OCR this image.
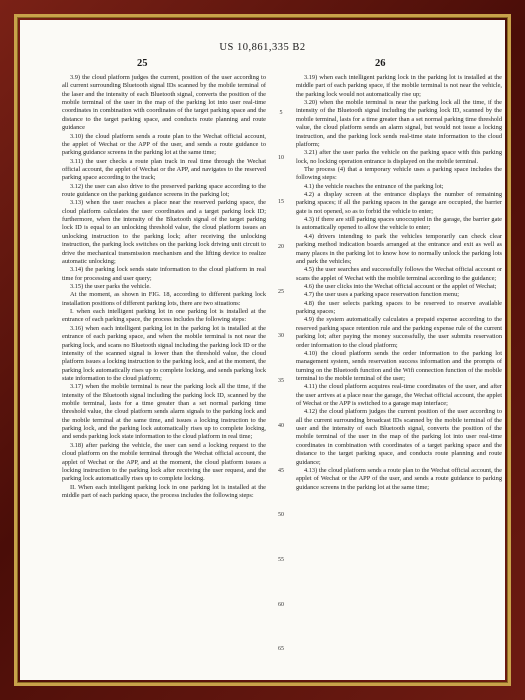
US 10,861,335 B2
25	26

3.9) the cloud platform judges the current, position of the user according to all current surrounding Bluetooth signal IDs scanned by the mobile terminal of the laser and the intensity of each Bluetooth signal, converts the position of the mobile terminal of the user in the map of the parking lot into user real-time coordinates in combination with coordinates of the target parking space and the distance to the target parking space, and conducts route planning and route guidance

3.10) the cloud platform sends a route plan to the Wechat official account, the applet of Wechat or the APP of the user, and sends a route guidance to parking guidance screens in the parking lot at the same time;

3.11) the user checks a route plan track in real time through the Wechat official account, the applet of Wechat or the APP, and navigates to the reserved parking space according to the track;

3.12) the user can also drive to the preserved parking space according to the route guidance on the parking guidance screens in the parking lot;

3.13) when the user reaches a place near the reserved parking space, the cloud platform calculates the user coordinates and a target parking lock ID; furthermore, when the intensity of the Bluetooth signal of the target parking lock ID is equal to an unlocking threshold value, the cloud platform issues an unlocking instruction to the parking lock; after receiving the unlocking instruction, the parking lock switches on the parking lock driving unit circuit to drive the mechanical transmission mechanism and the lifting device to realize automatic unlocking;

3.14) the parking lock sends state information to the cloud platform in real time for processing and user query;

3.15) the user parks the vehicle.

At the moment, as shown in FIG. 18, according to different parking lock installation positions of different parking lots, there are two situations:

I. when each intelligent parking lot in one parking lot is installed at the entrance of each parking space, the process includes the following steps:

3.16) when each intelligent parking lot in the parking lot is installed at the entrance of each parking space, and when the mobile terminal is not near the parking lock, and scans no Bluetooth signal including the parking lock ID or the intensity of the scanned signal is lower than the threshold value, the cloud platform issues a locking instruction to the parking lock, and at the moment, the parking lock automatically rises up to complete locking, and sends parking lock state information to the cloud platform;

3.17) when the mobile terminal is near the parking lock all the time, if the intensity of the Bluetooth signal including the parking lock ID, scanned by the mobile terminal, lasts for a time greater than a set normal parking time threshold value, the cloud platform sends alarm signals to the parking lock and the mobile terminal at the same time, and issues a locking instruction to the parking lock, and the parking lock automatically rises up to complete locking, and sends parking lock state information to the cloud platform in real time;

3.18) after parking the vehicle, the user can send a locking request to the cloud platform on the mobile terminal through the Wechat official account, the applet of Wechat or the APP, and at the moment, the cloud platform issues a locking instruction to the parking lock after receiving the user request, and the parking lock automatically rises up to complete locking.

II. When each intelligent parking lock in one parking lot is installed at the middle part of each parking space, the process includes the following steps:

5
10
15
20
25
30
35
40
45
50
55
60
65

3.19) when each intelligent parking lock in the parking lot is installed at the middle part of each parking space, if the mobile terminal is not near the vehicle, the parking lock would not automatically rise up;

3.20) when the mobile terminal is near the parking lock all the time, if the intensity of the Bluetooth signal including the parking lock ID, scanned by the mobile terminal, lasts for a time greater than a set normal parking time threshold value, the cloud platform sends an alarm signal, but would not issue a locking instruction, and the parking lock sends real-time state information to the cloud platform;

3.21) after the user parks the vehicle on the parking space with this parking lock, no locking operation entrance is displayed on the mobile terminal.

The process (4) that a temporary vehicle uses a parking space includes the following steps:

4.1) the vehicle reaches the entrance of the parking lot;

4.2) a display screen at the entrance displays the number of remaining parking spaces; if all the parking spaces in the garage are occupied, the barrier gate is not opened, so as to forbid the vehicle to enter;

4.3) if there are still parking spaces unoccupied in the garage, the barrier gate is automatically opened to allow the vehicle to enter;

4.4) drivers intending to park the vehicles temporarily can check clear parking method indication boards arranged at the entrance and exit as well as many places in the parking lot to know how to normally unlock the parking lots and park the vehicles;

4.5) the user searches and successfully follows the Wechat official account or scans the applet of Wechat with the mobile terminal according to the guidance;

4.6) the user clicks into the Wechat official account or the applet of Wechat;

4.7) the user uses a parking space reservation function menu;

4.8) the user selects parking spaces to be reserved to reserve available parking spaces;

4.9) the system automatically calculates a prepaid expense according to the reserved parking space retention rule and the parking expense rule of the current parking lot; after paying the money successfully, the user submits reservation order information to the cloud platform;

4.10) the cloud platform sends the order information to the parking lot management system, sends reservation success information and the prompts of turning on the Bluetooth function and the Wifi connection function of the mobile terminal to the mobile terminal of the user;

4.11) the cloud platform acquires real-time coordinates of the user, and after the user arrives at a place near the garage, the Wechat official account, the applet of Wechat or the APP is switched to a garage map interface;

4.12) the cloud platform judges the current position of the user according to all the current surrounding broadcast IDs scanned by the mobile terminal of the user and the intensity of each Bluetooth signal, converts the position of the mobile terminal of the user in the map of the parking lot into user real-time coordinates in combination with coordinates of a target parking space and the distance to the target parking space, and conducts route planning and route guidance;

4.13) the cloud platform sends a route plan to the Wechat official account, the applet of Wechat or the APP of the user, and sends a route guidance to parking guidance screens in the parking lot at the same time;
